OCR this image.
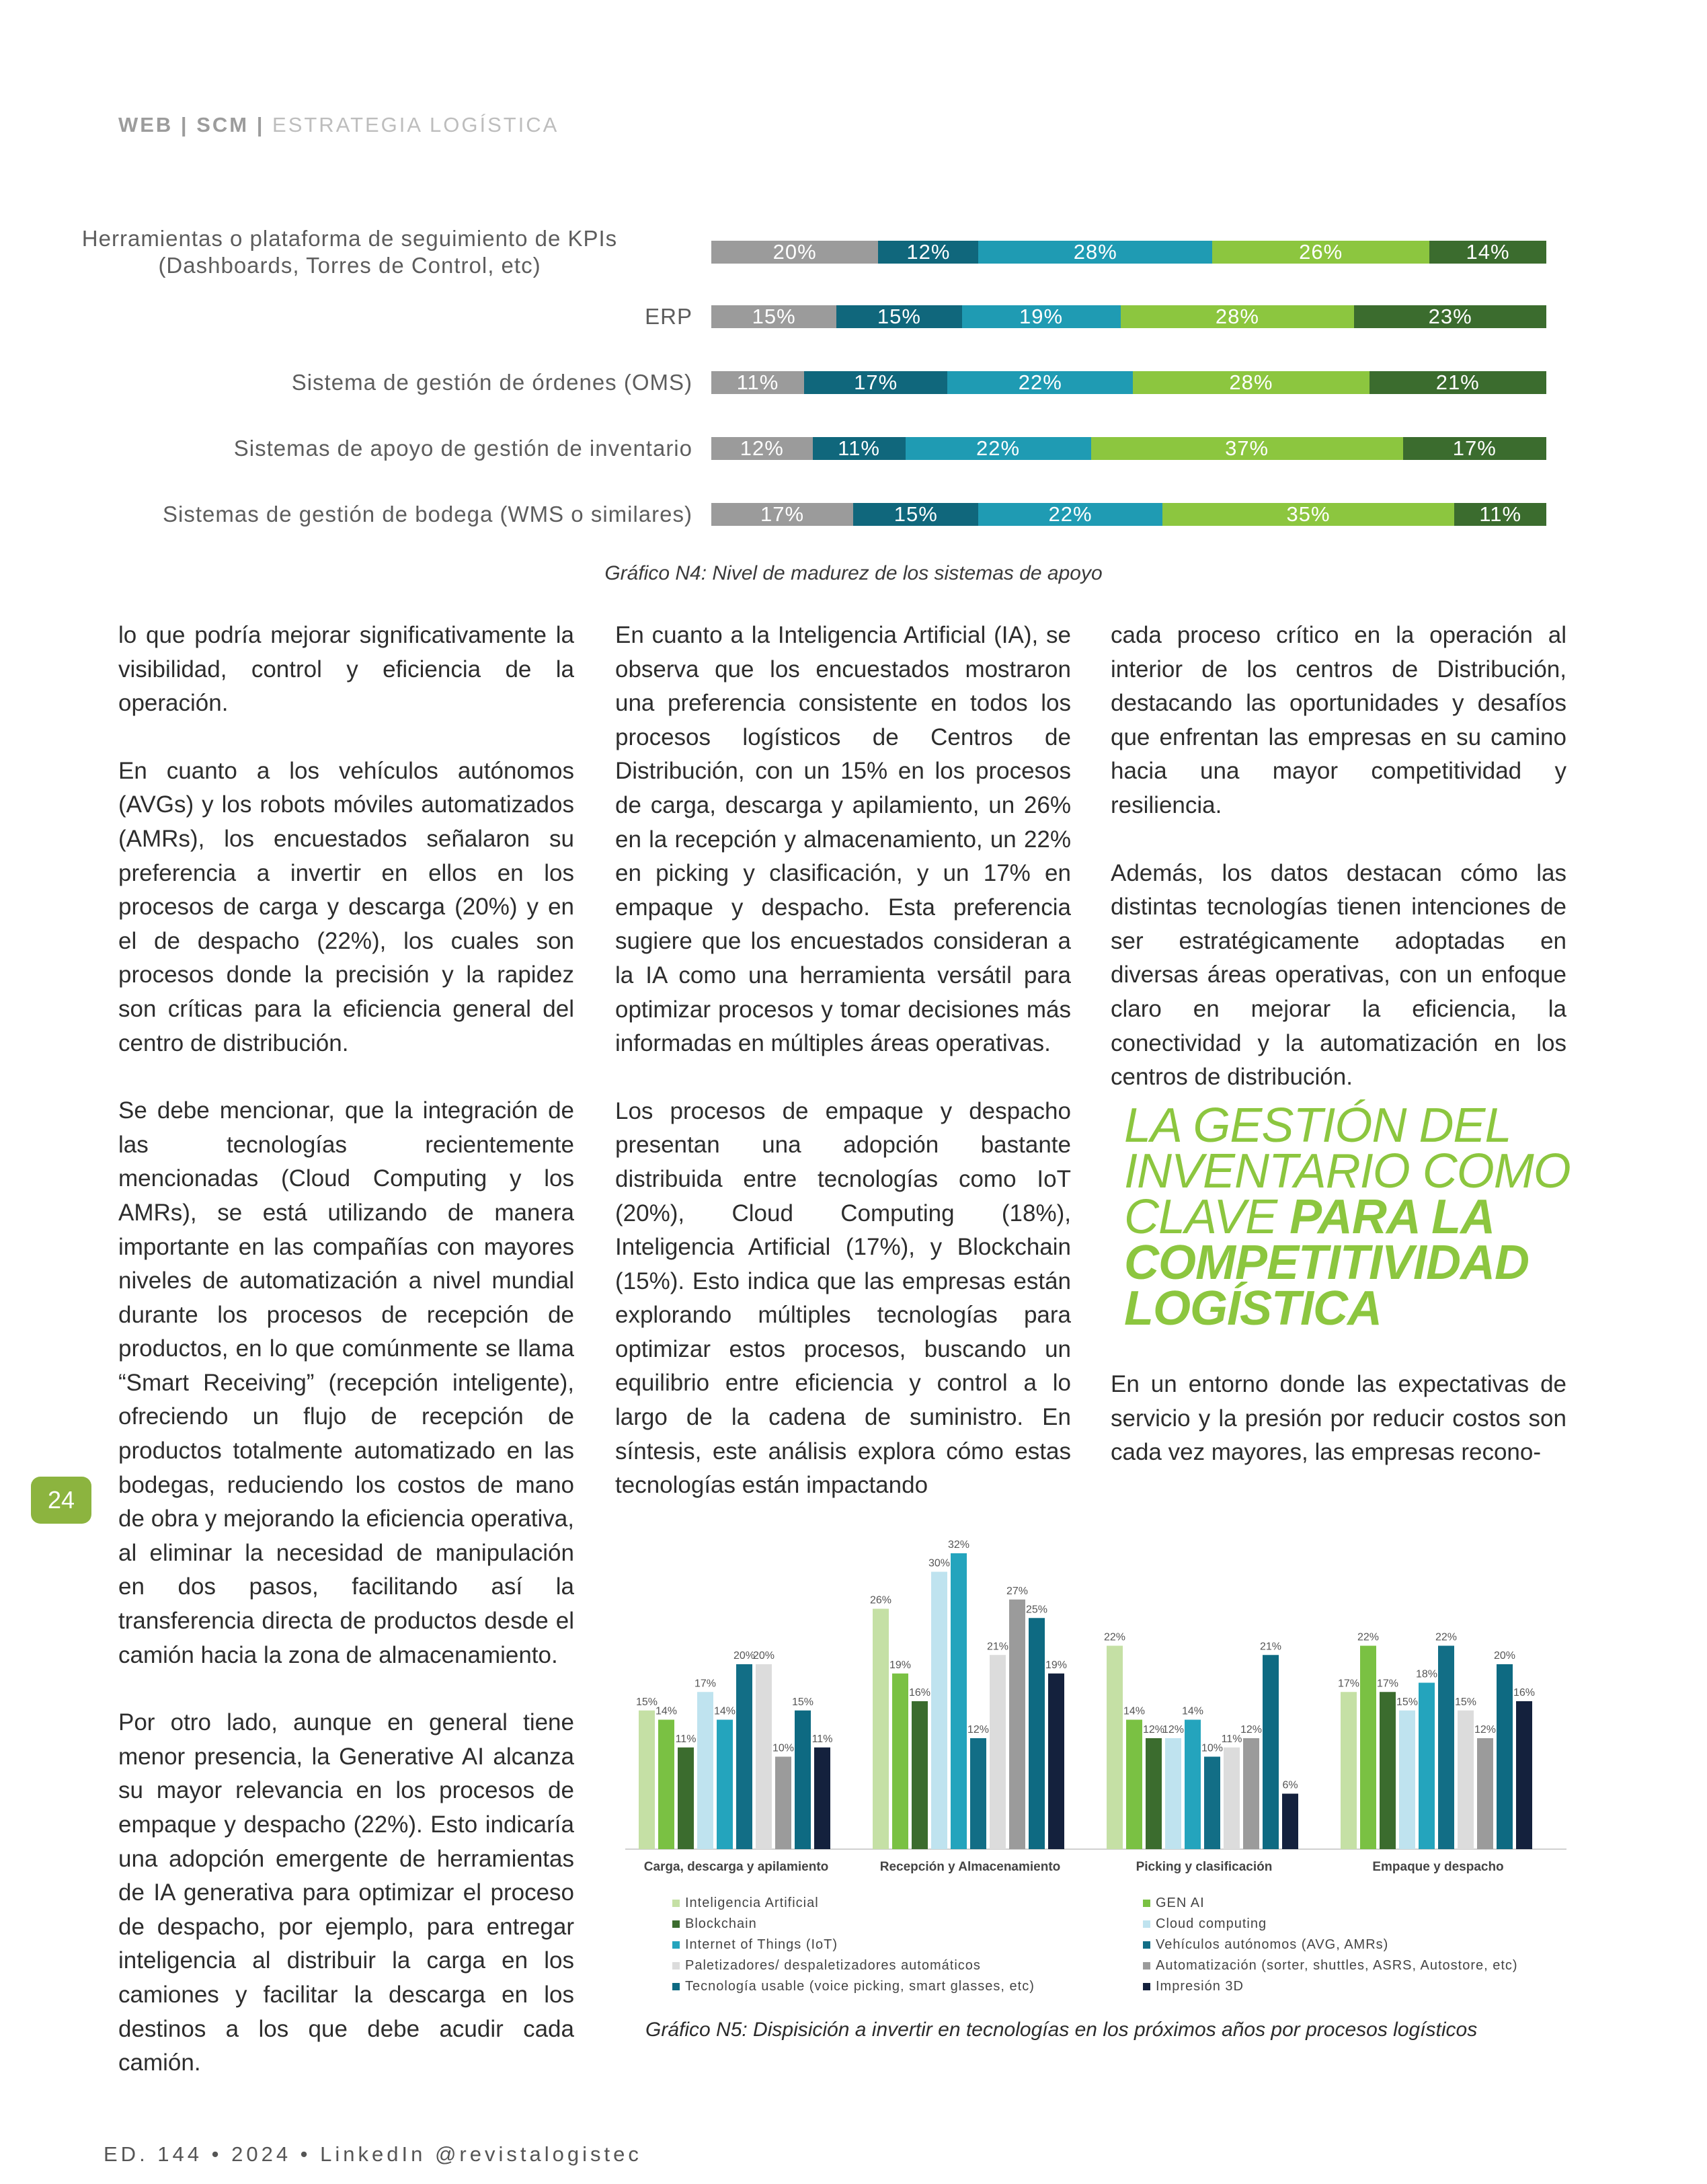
WEB | SCM | ESTRATEGIA LOGÍSTICA
Herramientas o plataforma de seguimiento de KPIs
(Dashboards, Torres de Control, etc)
20%	12%	28%	26%	14%
ERP	15%	15%	19%	28%	23%
Sistema de gestión de órdenes (OMS)	11%	17%	22%	28%	21%
Sistemas de apoyo de gestión de inventario	12%	11%	22%	37%	17%
Sistemas de gestión de bodega (WMS o similares)	17%	15%	22%	35%	11%
Gráfico N4: Nivel de madurez de los sistemas de apoyo

lo que podría mejorar significativamente la visibilidad, control y eficiencia de la operación.

En cuanto a los vehículos autónomos (AVGs) y los robots móviles automatizados (AMRs), los encuestados señalaron su preferencia a invertir en ellos en los procesos de carga y descarga (20%) y en el de despacho (22%), los cuales son procesos donde la precisión y la rapidez son críticas para la eficiencia general del centro de distribución.

Se debe mencionar, que la integración de las tecnologías recientemente mencionadas (Cloud Computing y los AMRs), se está utilizando de manera importante en las compañías con mayores niveles de automatización a nivel mundial durante los procesos de recepción de productos, en lo que comúnmente se llama “Smart Receiving” (recepción inteligente), ofreciendo un flujo de recepción de productos totalmente automatizado en las bodegas, reduciendo los costos de mano de obra y mejorando la eficiencia operativa, al eliminar la necesidad de manipulación en dos pasos, facilitando así la transferencia directa de productos desde el camión hacia la zona de almacenamiento.

Por otro lado, aunque en general tiene menor presencia, la Generative AI alcanza su mayor relevancia en los procesos de empaque y despacho (22%). Esto indicaría una adopción emergente de herramientas de IA generativa para optimizar el proceso de despacho, por ejemplo, para entregar inteligencia al distribuir la carga en los camiones y facilitar la descarga en los destinos a los que debe acudir cada camión.

En cuanto a la Inteligencia Artificial (IA), se observa que los encuestados mostraron una preferencia consistente en todos los procesos logísticos de Centros de Distribución, con un 15% en los procesos de carga, descarga y apilamiento, un 26% en la recepción y almacenamiento, un 22% en picking y clasificación, y un 17% en empaque y despacho. Esta preferencia sugiere que los encuestados consideran a la IA como una herramienta versátil para optimizar procesos y tomar decisiones más informadas en múltiples áreas operativas.

Los procesos de empaque y despacho presentan una adopción bastante distribuida entre tecnologías como IoT (20%), Cloud Computing (18%), Inteligencia Artificial (17%), y Blockchain (15%). Esto indica que las empresas están explorando múltiples tecnologías para optimizar estos procesos, buscando un equilibrio entre eficiencia y control a lo largo de la cadena de suministro. En síntesis, este análisis explora cómo estas tecnologías están impactando

cada proceso crítico en la operación al interior de los centros de Distribución, destacando las oportunidades y desafíos que enfrentan las empresas en su camino hacia una mayor competitividad y resiliencia.

Además, los datos destacan cómo las distintas tecnologías tienen intenciones de ser estratégicamente adoptadas en diversas áreas operativas, con un enfoque claro en mejorar la eficiencia, la conectividad y la automatización en los centros de distribución.

LA GESTIÓN DEL INVENTARIO COMO CLAVE PARA LA COMPETITIVIDAD LOGÍSTICA

En un entorno donde las expectativas de servicio y la presión por reducir costos son cada vez mayores, las empresas recono-

24
15%
14%
11%
17%
14%
20%
20%
10%
15%
11%
Carga, descarga y apilamiento
26%
19%
16%
30%
32%
12%
21%
27%
25%
19%
Recepción y Almacenamiento
22%
14%
12%
12%
14%
10%
11%
12%
21%
6%
Picking y clasificación
17%
22%
17%
15%
18%
22%
15%
12%
20%
16%
Empaque y despacho
Inteligencia Artificial
Blockchain
Internet of Things (IoT)
Paletizadores/ despaletizadores automáticos
Tecnología usable (voice picking, smart glasses, etc)
GEN AI
Cloud computing
Vehículos autónomos (AVG, AMRs)
Automatización (sorter, shuttles, ASRS, Autostore, etc)
Impresión 3D
Gráfico N5: Dispisición a invertir en tecnologías en los próximos años por procesos logísticos
ED. 144 • 2024 • LinkedIn @revistalogistec
